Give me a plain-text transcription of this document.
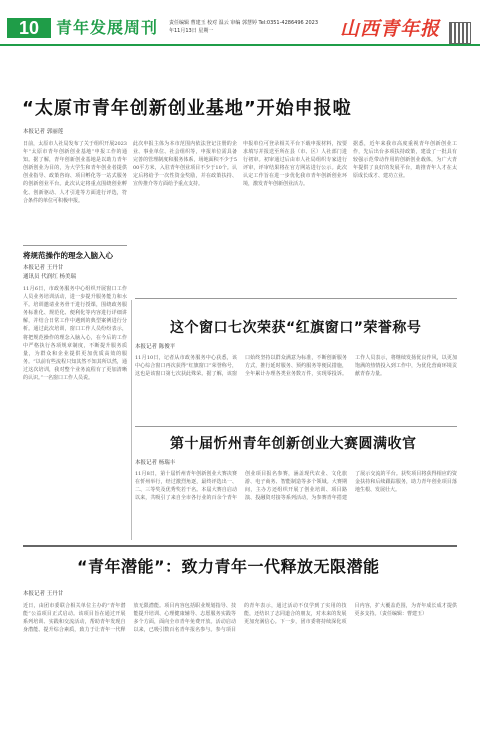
10	青年发展周刊 责任编辑 曹建玉 校对 温云 审编 郭慧婷 Tel:0351-4286496 2023年11月13日 星期一	山西青年报
“太原市青年创新创业基地”开始申报啦
本报记者 郭丽莲
日前，太原市人社局发布了关于组织开展2023年“太原市青年创新创业基地”申报工作的通知。据了解，青年创新创业基地是以助力青年创新创业为目的，为大学生和青年创业者提供创业指导、政策咨询、项目孵化等一站式服务的创新创业平台。此次认定将重点围绕创业孵化、创新驱动、人才引进等方面进行评选，符合条件的单位可积极申报。
此次申报主体为本市范围内依法登记注册的企业、事业单位、社会组织等，申报单位需具备完善的管理制度和服务体系，场地面积不少于500平方米，入驻青年创业项目不少于10个。认定后将给予一次性资金奖励，并在政策扶持、宣传推介等方面给予重点支持。
申报单位可登录相关平台下载申报材料，按要求填写并报送至所在县（市、区）人社部门进行初审。初审通过后由市人社局组织专家进行评审，评审结果将在官方网站进行公示。此次认定工作旨在进一步优化我市青年创新创业环境，激发青年创新创业活力。
据悉，近年来我市高度重视青年创新创业工作，先后出台多项扶持政策，建设了一批具有较强示范带动作用的创新创业载体，为广大青年提供了良好的发展平台，助推青年人才在太原成长成才、建功立业。
将规范操作的理念入脑入心
本报记者 王丹甘
通讯员 代润红 杨美瑞
11月6日，市政务服务中心组织开展窗口工作人员业务培训活动，进一步提升服务能力和水平。培训邀请业务骨干进行授课，围绕政务服务标准化、规范化、便利化等内容进行详细讲解，并结合日常工作中遇到的典型案例进行分析。通过此次培训，窗口工作人员纷纷表示，将把规范操作的理念入脑入心，在今后的工作中严格执行各项规章制度，不断提升服务质量，为群众和企业提供更加优质高效的服务。“以前有些流程只知其然不知其所以然，通过这次培训，我对整个业务流程有了更加清晰的认识。”一名窗口工作人员说。
这个窗口七次荣获“红旗窗口”荣誉称号
本报记者 陈俊平
11月10日，记者从市政务服务中心获悉，该中心综合窗口再次获得“红旗窗口”荣誉称号，这也是该窗口第七次获此殊荣。据了解，该窗口始终坚持以群众满意为标准，不断创新服务方式，推行延时服务、预约服务等便民措施，全年累计办理各类业务数万件，实现零投诉。工作人员表示，将继续发扬优良作风，以更加饱满的热情投入到工作中，为优化营商环境贡献青春力量。
第十届忻州青年创新创业大赛圆满收官
本报记者 杨瑞丰
11月8日，第十届忻州青年创新创业大赛决赛在忻州举行，经过激烈角逐，最终评选出一、二、三等奖及优秀奖若干名。本届大赛自启动以来，共吸引了来自全市各行业的百余个青年创业项目报名参赛，涵盖现代农业、文化旅游、电子商务、智能制造等多个领域。大赛期间，主办方还组织开展了创业培训、项目路演、投融资对接等系列活动，为参赛青年搭建了展示交流的平台。获奖项目将获得相应的资金扶持和后续跟踪服务，助力青年创业项目落地生根、发展壮大。
“青年潜能”：致力青年一代释放无限潜能
本报记者 王丹甘
近日，由团市委联合相关单位主办的“青年潜能”公益项目正式启动。该项目旨在通过开展系列培训、实践和交流活动，帮助青年发现自身潜能、提升综合素质，致力于让青年一代释放无限潜能。项目内容包括职业规划指导、技能提升培训、心理健康辅导、志愿服务实践等多个方面，面向全市青年免费开放。活动启动以来，已吸引数百名青年报名参与。参与项目的青年表示，通过活动不仅学到了实用的技能，还结识了志同道合的朋友，对未来的发展更加充满信心。下一步，团市委将持续深化项目内容，扩大覆盖范围，为青年成长成才提供更多支持。（责任编辑：曹建玉）
